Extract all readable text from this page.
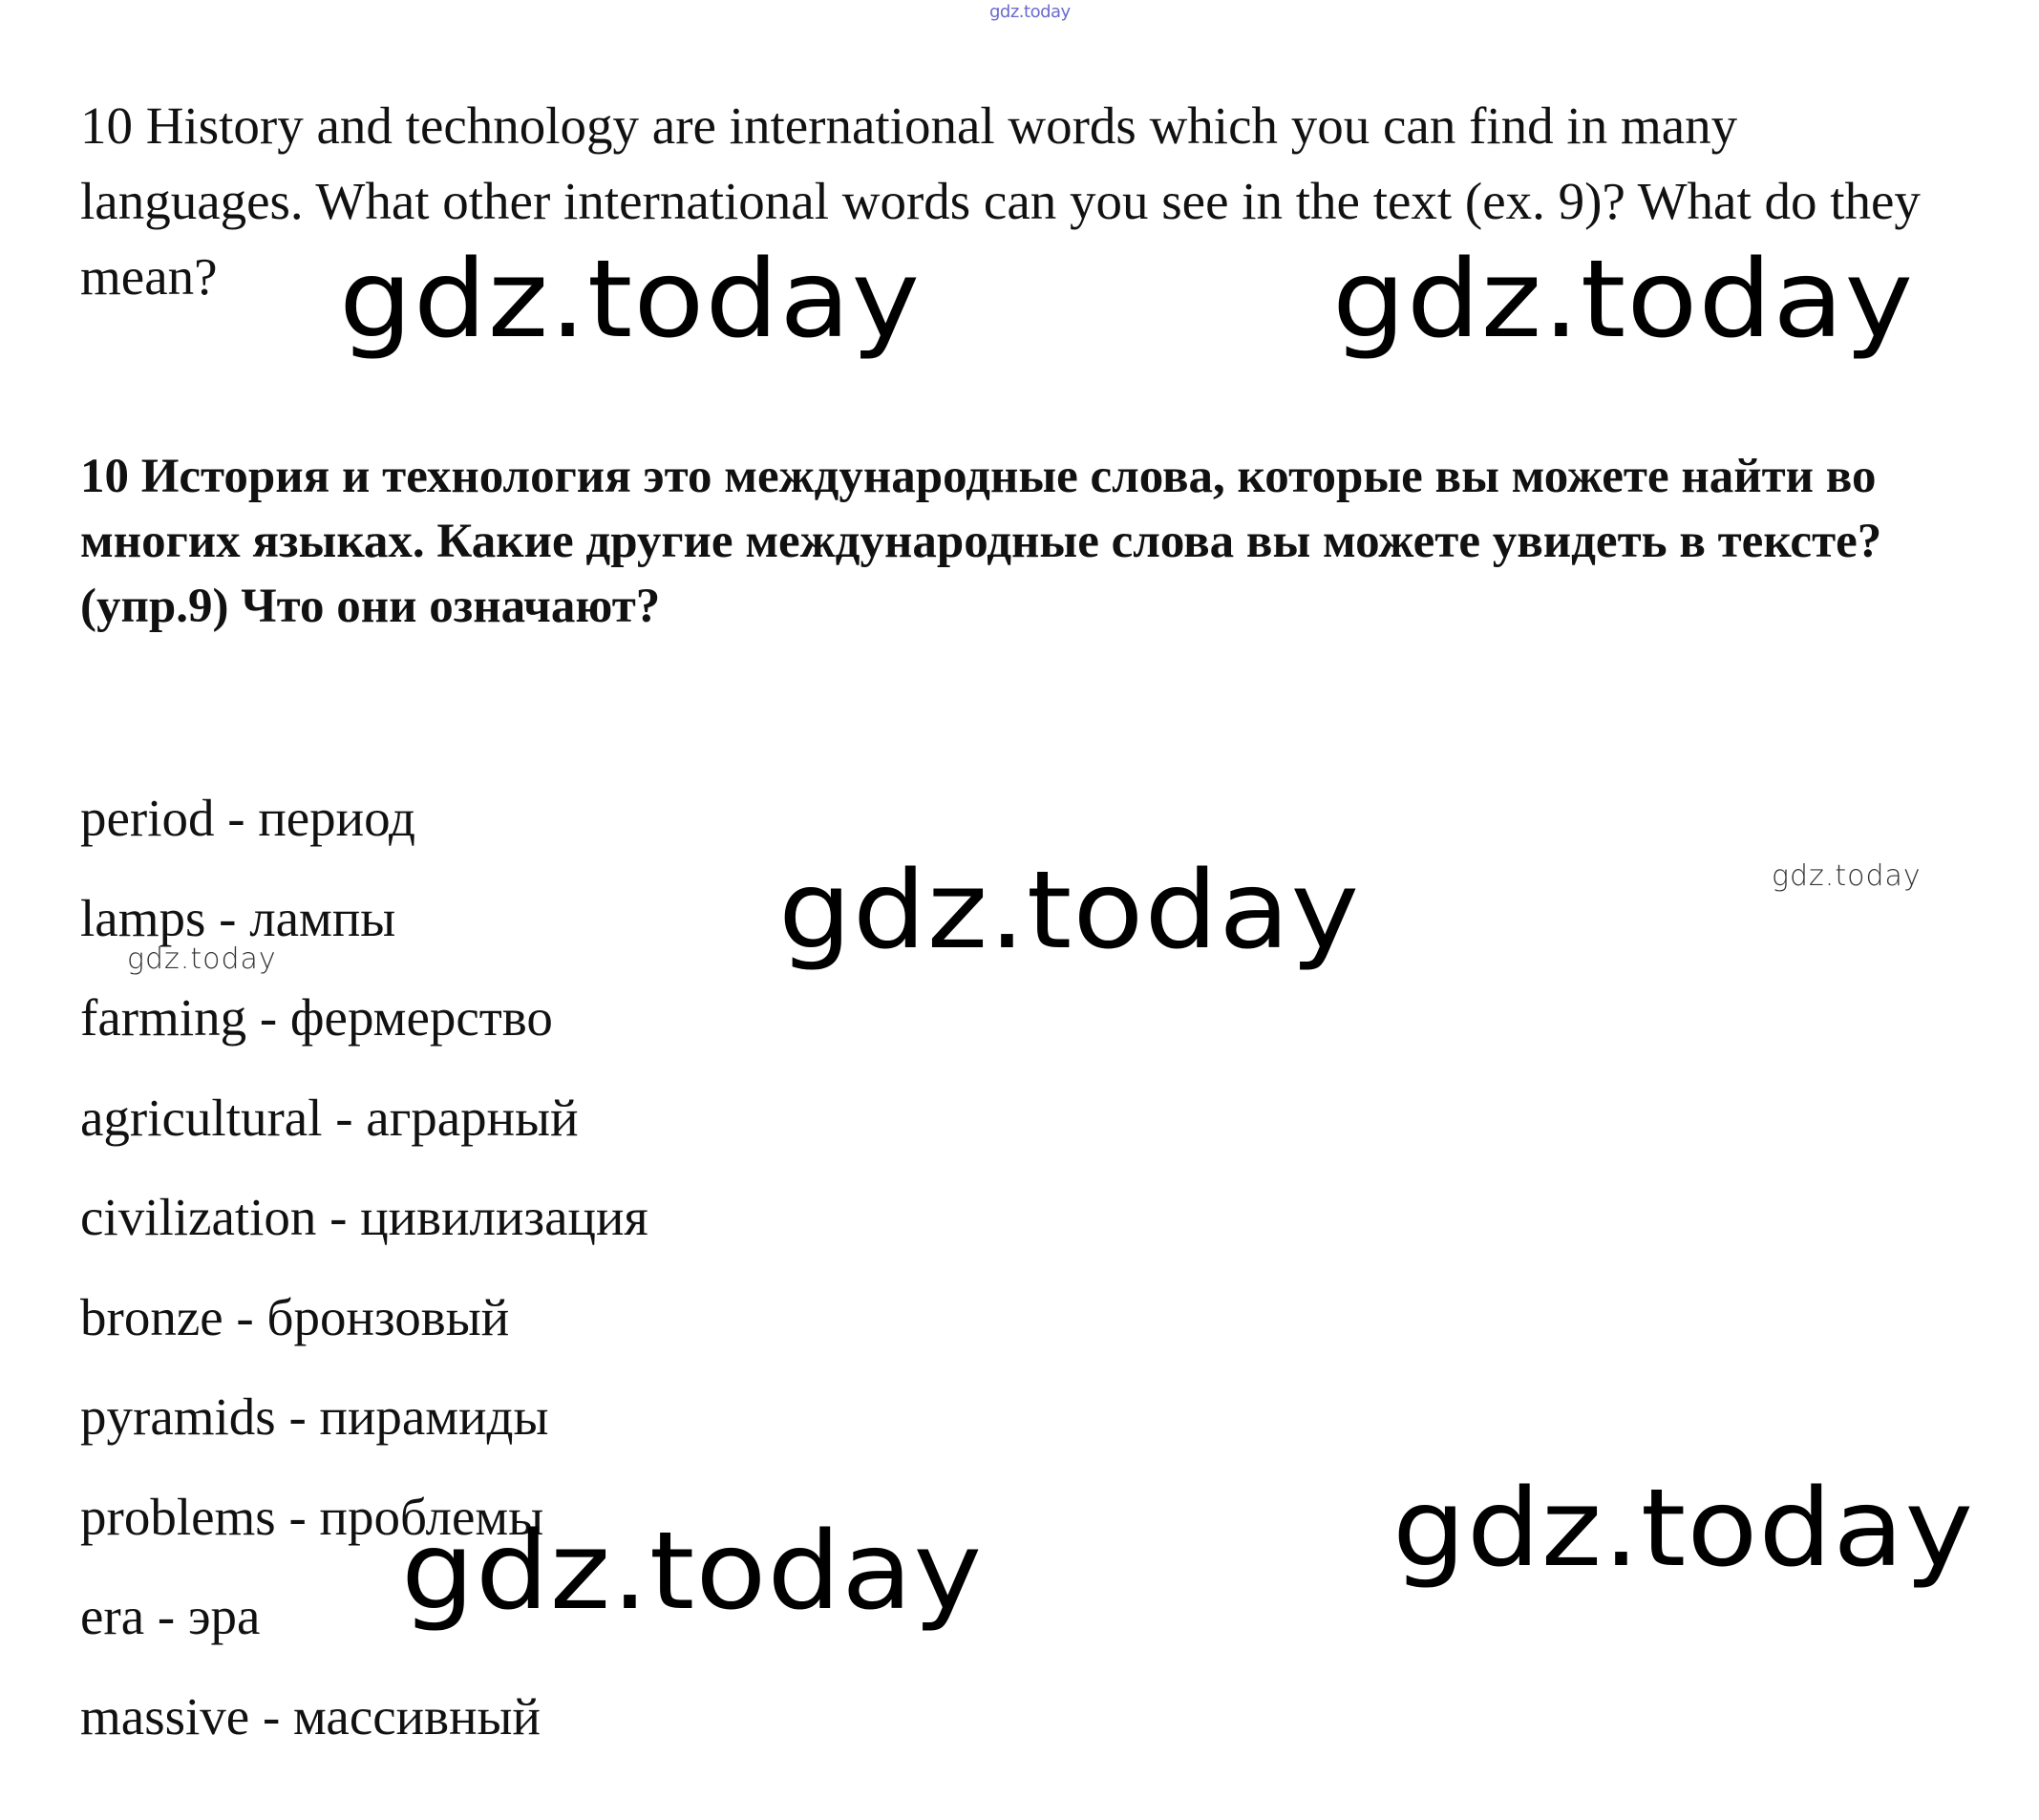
gdz.today

10 History and technology are international words which you can find in many languages. What other international words can you see in the text (ex. 9)? What do they mean?

10 История и технология это международные слова, которые вы можете найти во многих языках. Какие другие международные слова вы можете увидеть в тексте? (упр.9) Что они означают?

period - период
lamps - лампы
farming - фермерство
agricultural - аграрный
civilization - цивилизация
bronze - бронзовый
pyramids - пирамиды
problems - проблемы
era - эра
massive - массивный
gdz.today	gdz.today
gdz.today	gdz.today
gdz.today
gdz.today	gdz.today
